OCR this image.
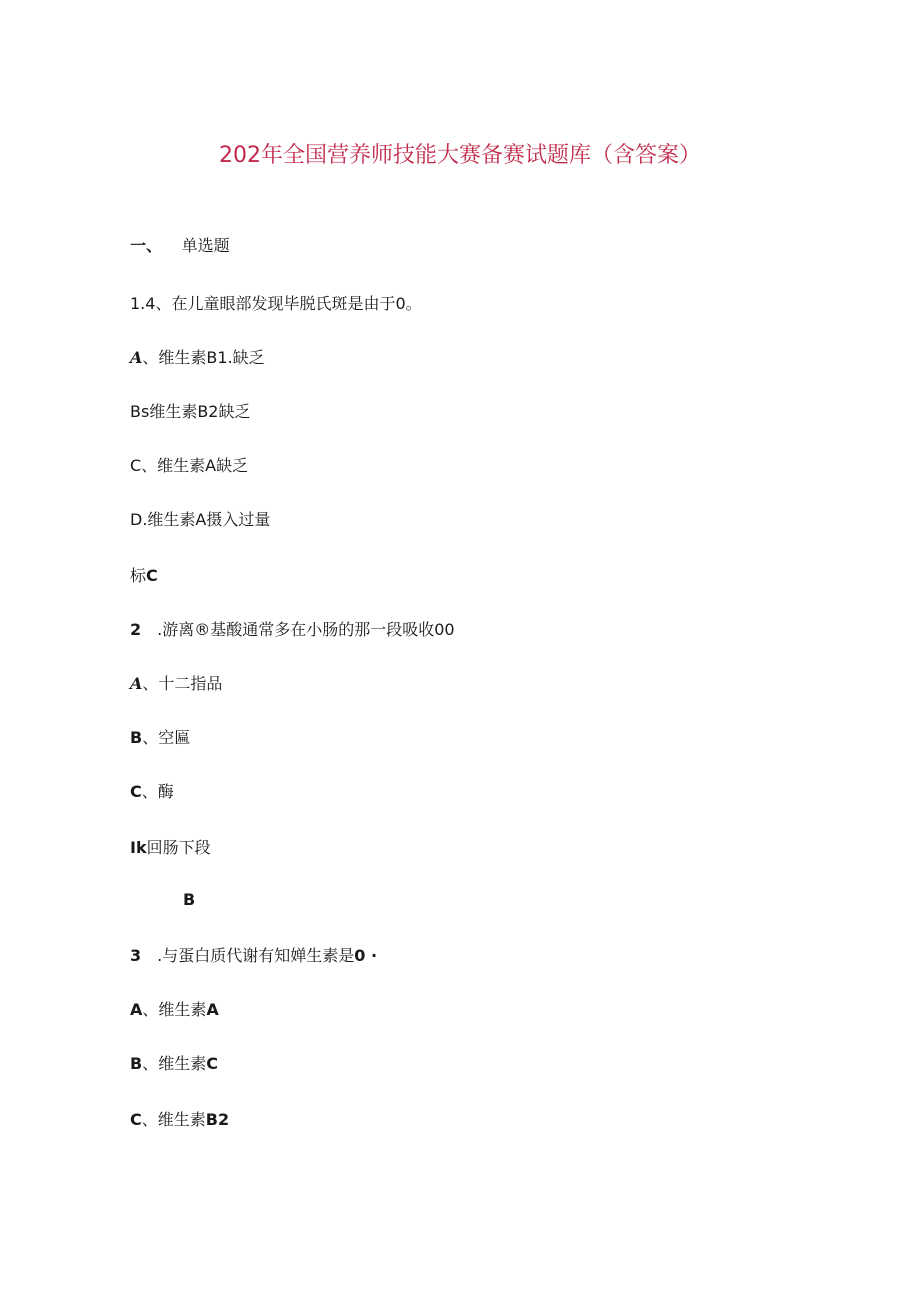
202年全国营养师技能大赛备赛试题库（含答案）
一、 单选题
1.4、在儿童眼部发现毕脱氏斑是由于0。
A、维生素B1.缺乏
Bs维生素B2缺乏
C、维生素A缺乏
D.维生素A摄入过量
标C
2 .游离®基酸通常多在小肠的那一段吸收00
A、十二指品
B、空匾
C、酶
Ik回肠下段
B
3 .与蛋白质代谢有知婵生素是0 ·
A、维生素A
B、维生素C
C、维生素B2
